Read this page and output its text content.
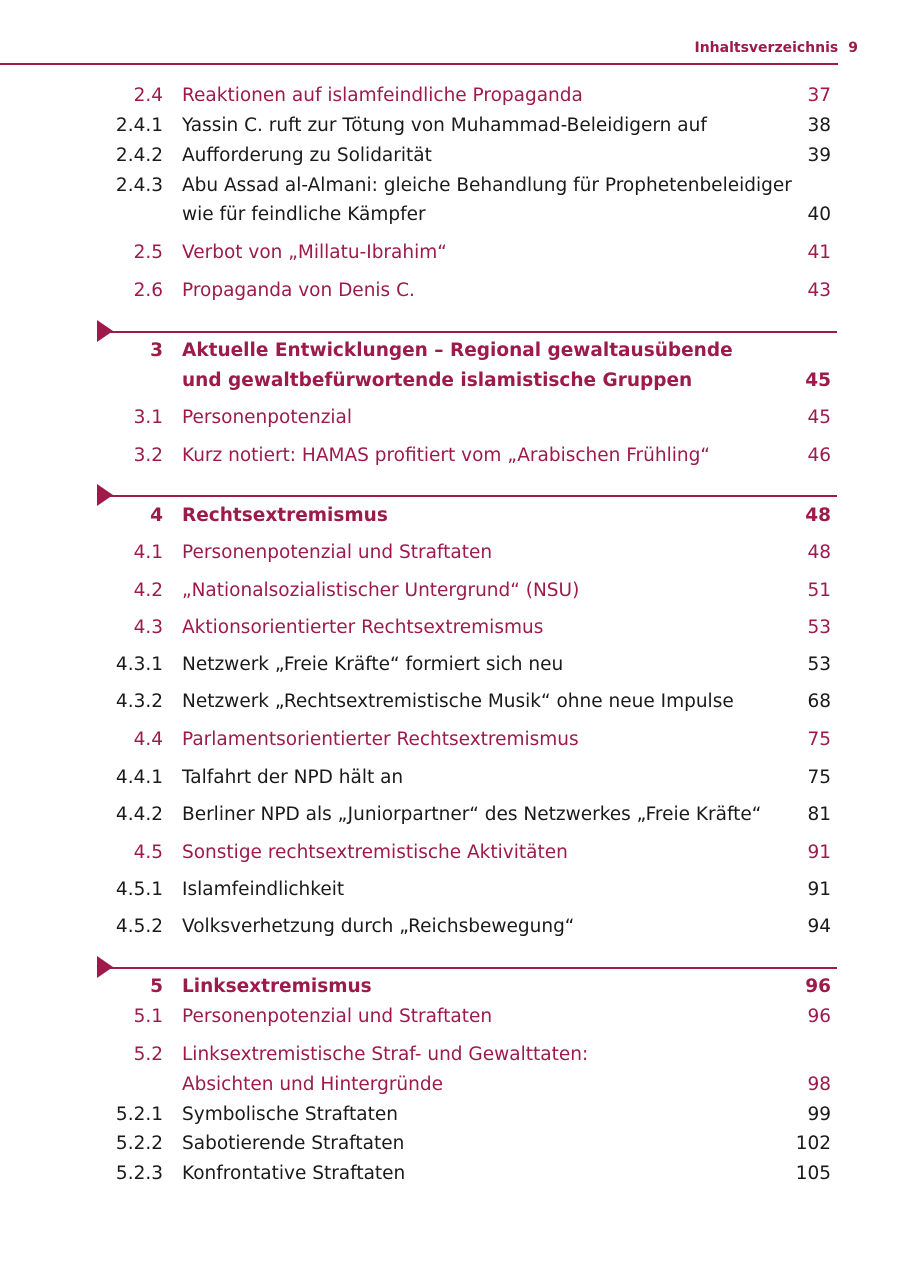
Inhaltsverzeichnis 9
2.4 Reaktionen auf islamfeindliche Propaganda	37
2.4.1 Yassin C. ruft zur Tötung von Muhammad-Beleidigern auf	38
2.4.2 Aufforderung zu Solidarität	39
2.4.3 Abu Assad al-Almani: gleiche Behandlung für Prophetenbeleidiger
wie für feindliche Kämpfer	40
2.5 Verbot von „Millatu-Ibrahim“	41
2.6 Propaganda von Denis C.	43
3 Aktuelle Entwicklungen – Regional gewaltausübende
und gewaltbefürwortende islamistische Gruppen	45
3.1 Personenpotenzial	45
3.2 Kurz notiert: HAMAS profitiert vom „Arabischen Frühling“	46
4 Rechtsextremismus	48
4.1 Personenpotenzial und Straftaten	48
4.2 „Nationalsozialistischer Untergrund“ (NSU)	51
4.3 Aktionsorientierter Rechtsextremismus	53
4.3.1 Netzwerk „Freie Kräfte“ formiert sich neu	53
4.3.2 Netzwerk „Rechtsextremistische Musik“ ohne neue Impulse	68
4.4 Parlamentsorientierter Rechtsextremismus	75
4.4.1 Talfahrt der NPD hält an	75
4.4.2 Berliner NPD als „Juniorpartner“ des Netzwerkes „Freie Kräfte“ 81
4.5 Sonstige rechtsextremistische Aktivitäten	91
4.5.1 Islamfeindlichkeit	91
4.5.2 Volksverhetzung durch „Reichsbewegung“	94
5 Linksextremismus	96
5.1 Personenpotenzial und Straftaten	96
5.2 Linksextremistische Straf- und Gewalttaten:
Absichten und Hintergründe	98
5.2.1 Symbolische Straftaten	99
5.2.2 Sabotierende Straftaten	102
5.2.3 Konfrontative Straftaten	105
